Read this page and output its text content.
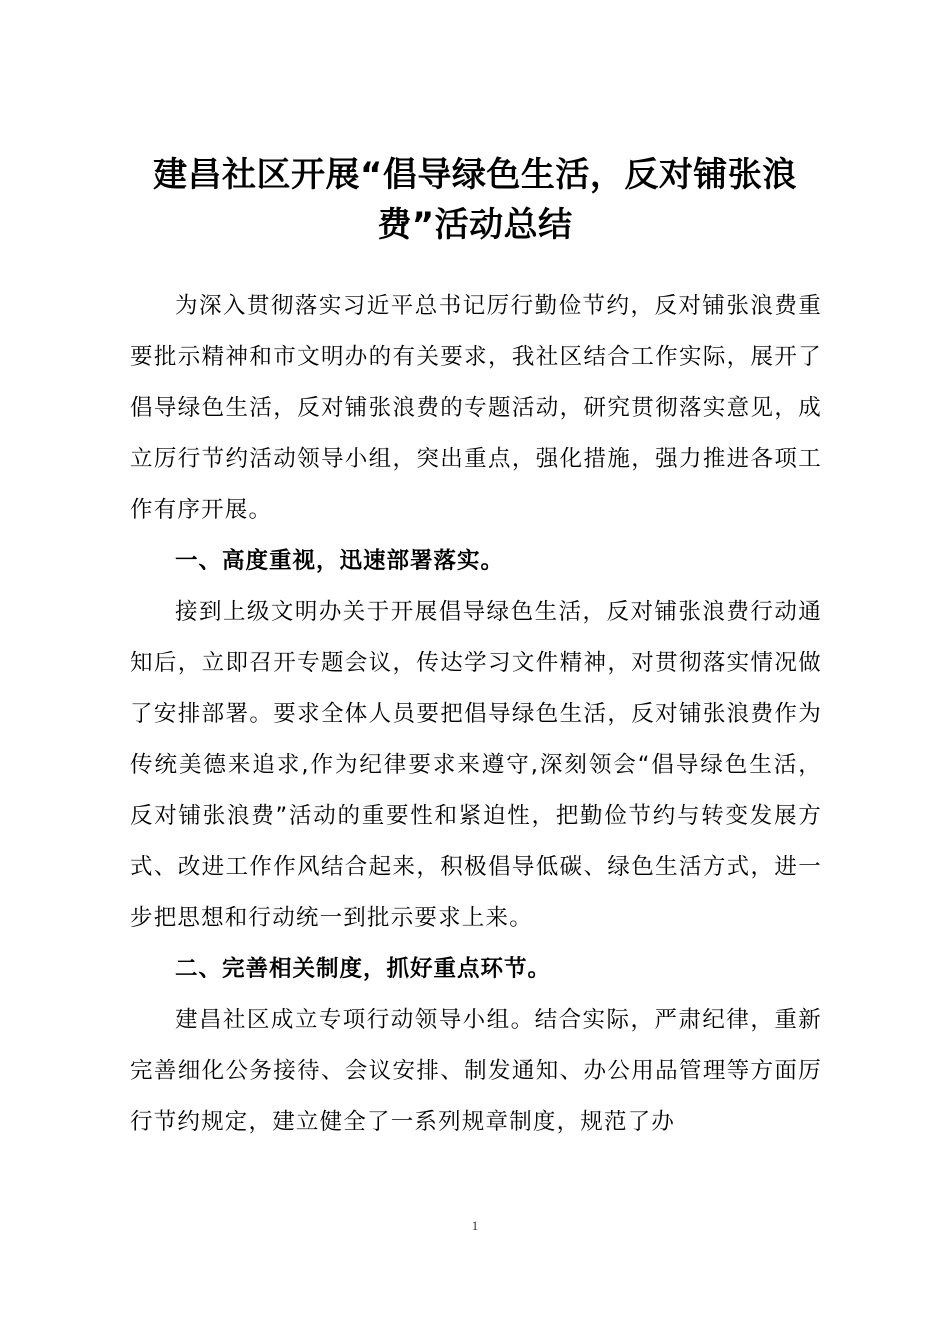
建昌社区开展“倡导绿色生活，反对铺张浪费”活动总结

为深入贯彻落实习近平总书记厉行勤俭节约，反对铺张浪费重要批示精神和市文明办的有关要求，我社区结合工作实际，展开了倡导绿色生活，反对铺张浪费的专题活动，研究贯彻落实意见，成立厉行节约活动领导小组，突出重点，强化措施，强力推进各项工作有序开展。

一、高度重视，迅速部署落实。

接到上级文明办关于开展倡导绿色生活，反对铺张浪费行动通知后，立即召开专题会议，传达学习文件精神，对贯彻落实情况做了安排部署。要求全体人员要把倡导绿色生活，反对铺张浪费作为传统美德来追求,作为纪律要求来遵守,深刻领会“倡导绿色生活，反对铺张浪费”活动的重要性和紧迫性，把勤俭节约与转变发展方式、改进工作作风结合起来，积极倡导低碳、绿色生活方式，进一步把思想和行动统一到批示要求上来。

二、完善相关制度，抓好重点环节。

建昌社区成立专项行动领导小组。结合实际，严肃纪律，重新完善细化公务接待、会议安排、制发通知、办公用品管理等方面厉行节约规定，建立健全了一系列规章制度，规范了办

1
